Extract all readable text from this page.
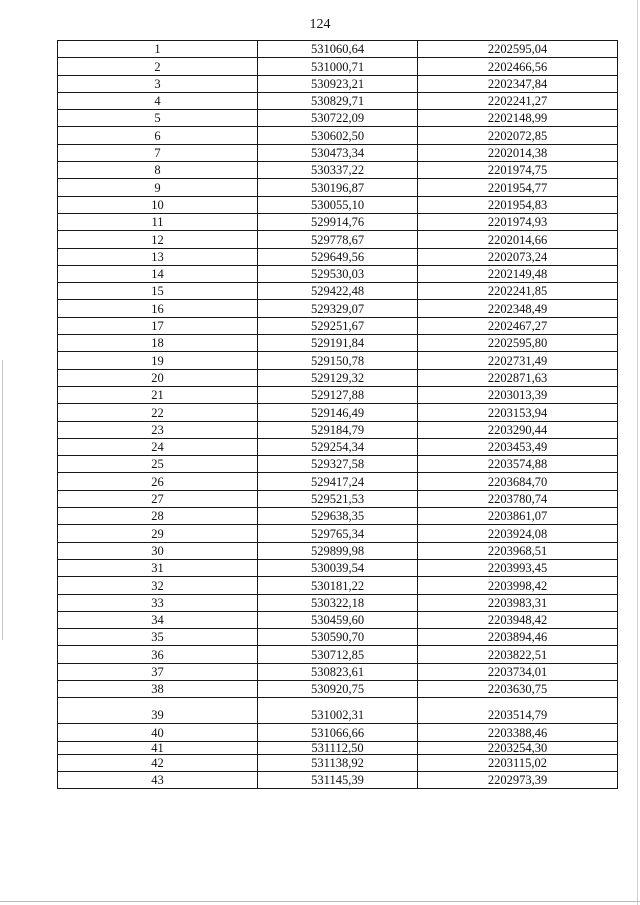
124
1	531060,64	2202595,04
2	531000,71	2202466,56
3	530923,21	2202347,84
4	530829,71	2202241,27
5	530722,09	2202148,99
6	530602,50	2202072,85
7	530473,34	2202014,38
8	530337,22	2201974,75
9	530196,87	2201954,77
10	530055,10	2201954,83
11	529914,76	2201974,93
12	529778,67	2202014,66
13	529649,56	2202073,24
14	529530,03	2202149,48
15	529422,48	2202241,85
16	529329,07	2202348,49
17	529251,67	2202467,27
18	529191,84	2202595,80
19	529150,78	2202731,49
20	529129,32	2202871,63
21	529127,88	2203013,39
22	529146,49	2203153,94
23	529184,79	2203290,44
24	529254,34	2203453,49
25	529327,58	2203574,88
26	529417,24	2203684,70
27	529521,53	2203780,74
28	529638,35	2203861,07
29	529765,34	2203924,08
30	529899,98	2203968,51
31	530039,54	2203993,45
32	530181,22	2203998,42
33	530322,18	2203983,31
34	530459,60	2203948,42
35	530590,70	2203894,46
36	530712,85	2203822,51
37	530823,61	2203734,01
38	530920,75	2203630,75
39	531002,31	2203514,79
40	531066,66	2203388,46
41	531112,50	2203254,30
42	531138,92	2203115,02
43	531145,39	2202973,39
